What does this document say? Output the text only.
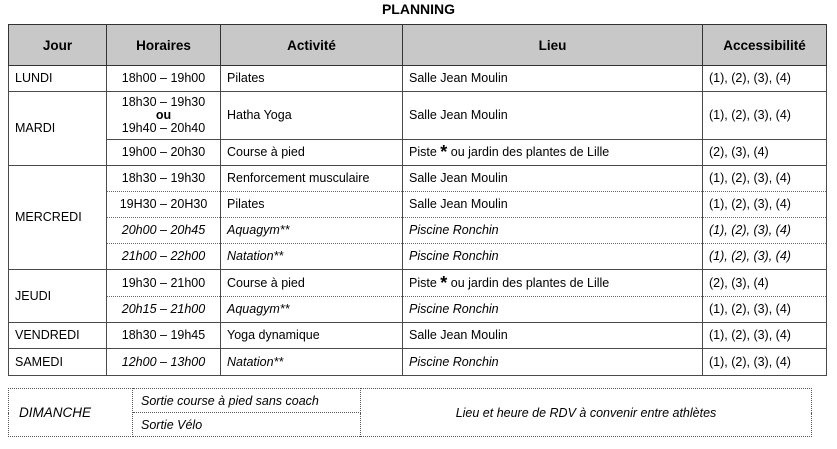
PLANNING
Jour	Horaires	Activité	Lieu	Accessibilité
LUNDI	18h00 – 19h00	Pilates	Salle Jean Moulin	(1), (2), (3), (4)
MARDI	18h30 – 19h30
ou
19h40 – 20h40	Hatha Yoga	Salle Jean Moulin	(1), (2), (3), (4)
	19h00 – 20h30	Course à pied	Piste * ou jardin des plantes de Lille	(2), (3), (4)
MERCREDI	18h30 – 19h30	Renforcement musculaire	Salle Jean Moulin	(1), (2), (3), (4)
	19H30 – 20H30	Pilates	Salle Jean Moulin	(1), (2), (3), (4)
	20h00 – 20h45	Aquagym**	Piscine Ronchin	(1), (2), (3), (4)
	21h00 – 22h00	Natation**	Piscine Ronchin	(1), (2), (3), (4)
JEUDI	19h30 – 21h00	Course à pied	Piste * ou jardin des plantes de Lille	(2), (3), (4)
	20h15 – 21h00	Aquagym**	Piscine Ronchin	(1), (2), (3), (4)
VENDREDI	18h30 – 19h45	Yoga dynamique	Salle Jean Moulin	(1), (2), (3), (4)
SAMEDI	12h00 – 13h00	Natation**	Piscine Ronchin	(1), (2), (3), (4)
DIMANCHE	Sortie course à pied sans coach	Lieu et heure de RDV à convenir entre athlètes
Sortie Vélo
